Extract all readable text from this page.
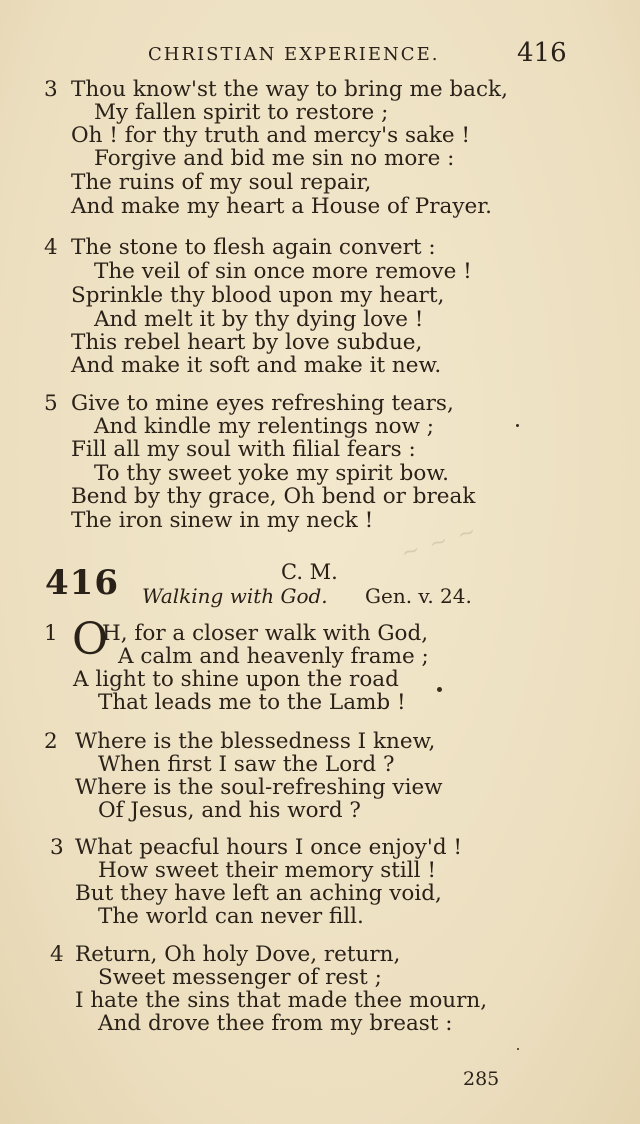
CHRISTIAN EXPERIENCE.	416
3 Thou know'st the way to bring me back,
My fallen spirit to restore ;
Oh ! for thy truth and mercy's sake !
Forgive and bid me sin no more :
The ruins of my soul repair,
And make my heart a House of Prayer.
4 The stone to flesh again convert :
The veil of sin once more remove !
Sprinkle thy blood upon my heart,
And melt it by thy dying love !
This rebel heart by love subdue,
And make it soft and make it new.
5 Give to mine eyes refreshing tears,
And kindle my relentings now ;
Fill all my soul with filial fears :
To thy sweet yoke my spirit bow.
Bend by thy grace, Oh bend or break
The iron sinew in my neck ! ~ ~ ~
416	C. M.
Walking with God. Gen. v. 24.
1 O
H, for a closer walk with God,
A calm and heavenly frame ;
A light to shine upon the road
That leads me to the Lamb !
2 Where is the blessedness I knew,
When first I saw the Lord ?
Where is the soul-refreshing view
Of Jesus, and his word ?
3 What peacful hours I once enjoy'd !
How sweet their memory still !
But they have left an aching void,
The world can never fill.
4 Return, Oh holy Dove, return,
Sweet messenger of rest ;
I hate the sins that made thee mourn,
And drove thee from my breast :
285
